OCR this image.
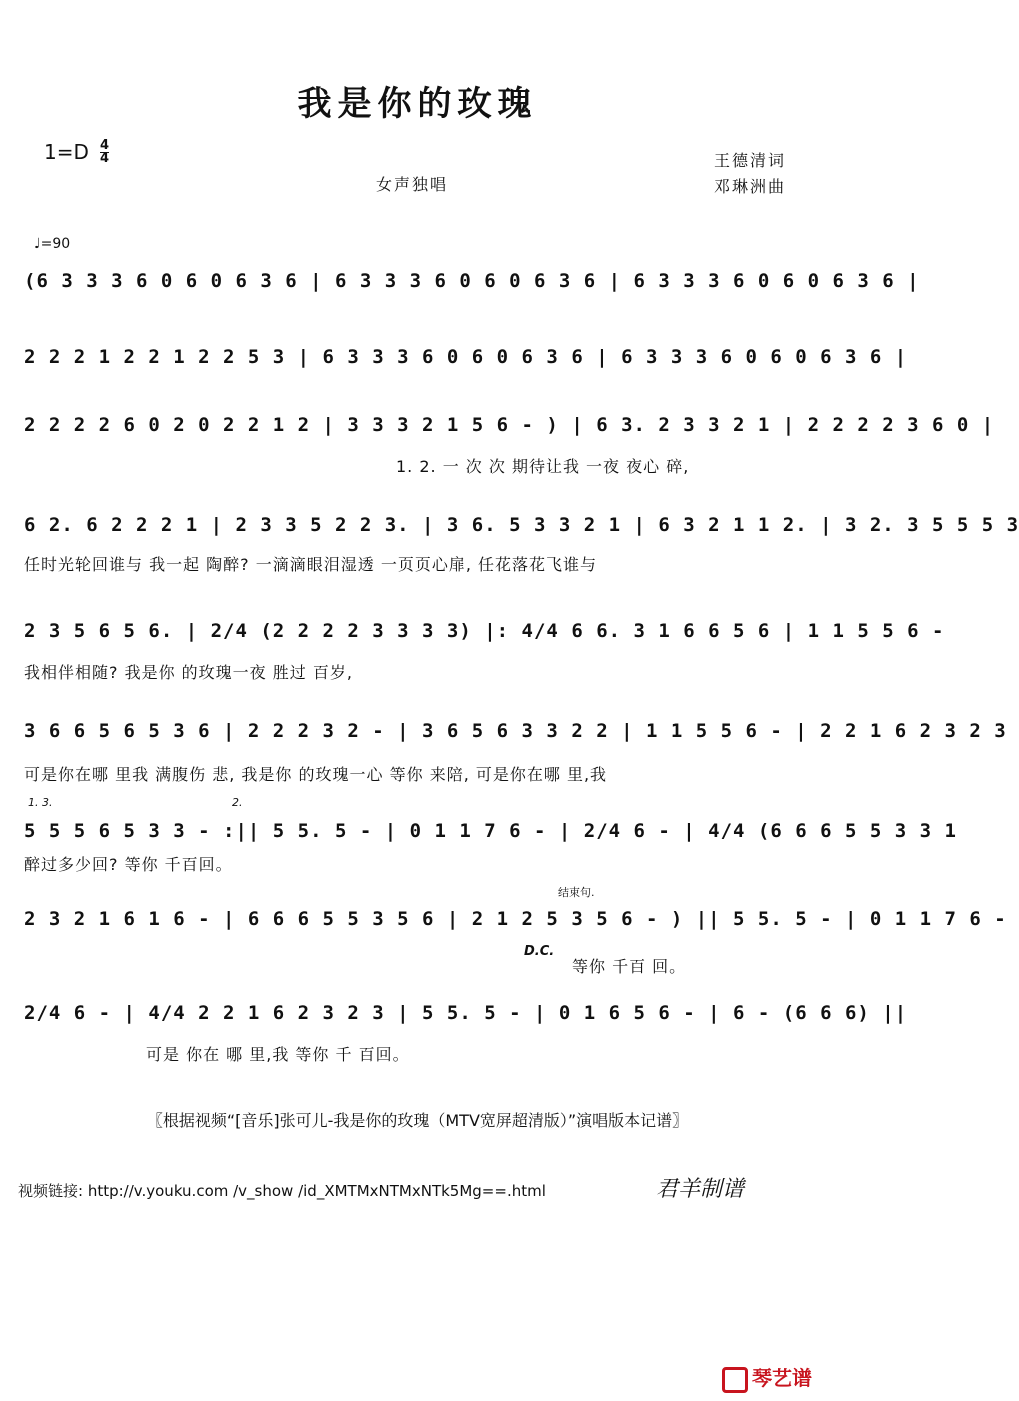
我是你的玫瑰
1=D 4
4
女声独唱
王德清词
邓琳洲曲
♩=90
(6 3 3 3 6 0 6 0 6 3 6 | 6 3 3 3 6 0 6 0 6 3 6 | 6 3 3 3 6 0 6 0 6 3 6 |
2 2 2 1 2 2 1 2 2 5 3 | 6 3 3 3 6 0 6 0 6 3 6 | 6 3 3 3 6 0 6 0 6 3 6 |
2 2 2 2 6 0 2 0 2 2 1 2 | 3 3 3 2 1 5 6 - ) | 6 3. 2 3 3 2 1 | 2 2 2 2 3 6 0 |
1. 2. 一 次 次 期待让我 一夜 夜心 碎,
6 2. 6 2 2 2 1 | 2 3 3 5 2 2 3. | 3 6. 5 3 3 2 1 | 6 3 2 1 1 2. | 3 2. 3 5 5 5 3
任时光轮回谁与 我一起 陶醉? 一滴滴眼泪湿透 一页页心扉, 任花落花飞谁与
2 3 5 6 5 6. | 2/4 (2 2 2 2 3 3 3 3) |: 4/4 6 6. 3 1 6 6 5 6 | 1 1 5 5 6 -
我相伴相随? 我是你 的玫瑰一夜 胜过 百岁,
3 6 6 5 6 5 3 6 | 2 2 2 3 2 - | 3 6 5 6 3 3 2 2 | 1 1 5 5 6 - | 2 2 1 6 2 3 2 3
可是你在哪 里我 满腹伤 悲, 我是你 的玫瑰一心 等你 来陪, 可是你在哪 里,我
1. 3.	2.
5 5 5 6 5 3 3 - :|| 5 5. 5 - | 0 1 1 7 6 - | 2/4 6 - | 4/4 (6 6 6 5 5 3 3 1
醉过多少回? 等你 千百回。
结束句.
2 3 2 1 6 1 6 - | 6 6 6 5 5 3 5 6 | 2 1 2 5 3 5 6 - ) || 5 5. 5 - | 0 1 1 7 6 -
D.C.
等你 千百 回。
2/4 6 - | 4/4 2 2 1 6 2 3 2 3 | 5 5. 5 - | 0 1 6 5 6 - | 6 - (6 6 6) ||
可是 你在 哪 里,我 等你 千 百回。
〖根据视频“[音乐]张可儿-我是你的玫瑰（MTV宽屏超清版）”演唱版本记谱〗
视频链接: http://v.youku.com /v_show /id_XMTMxNTMxNTk5Mg==.html	君羊制谱
琴艺谱
